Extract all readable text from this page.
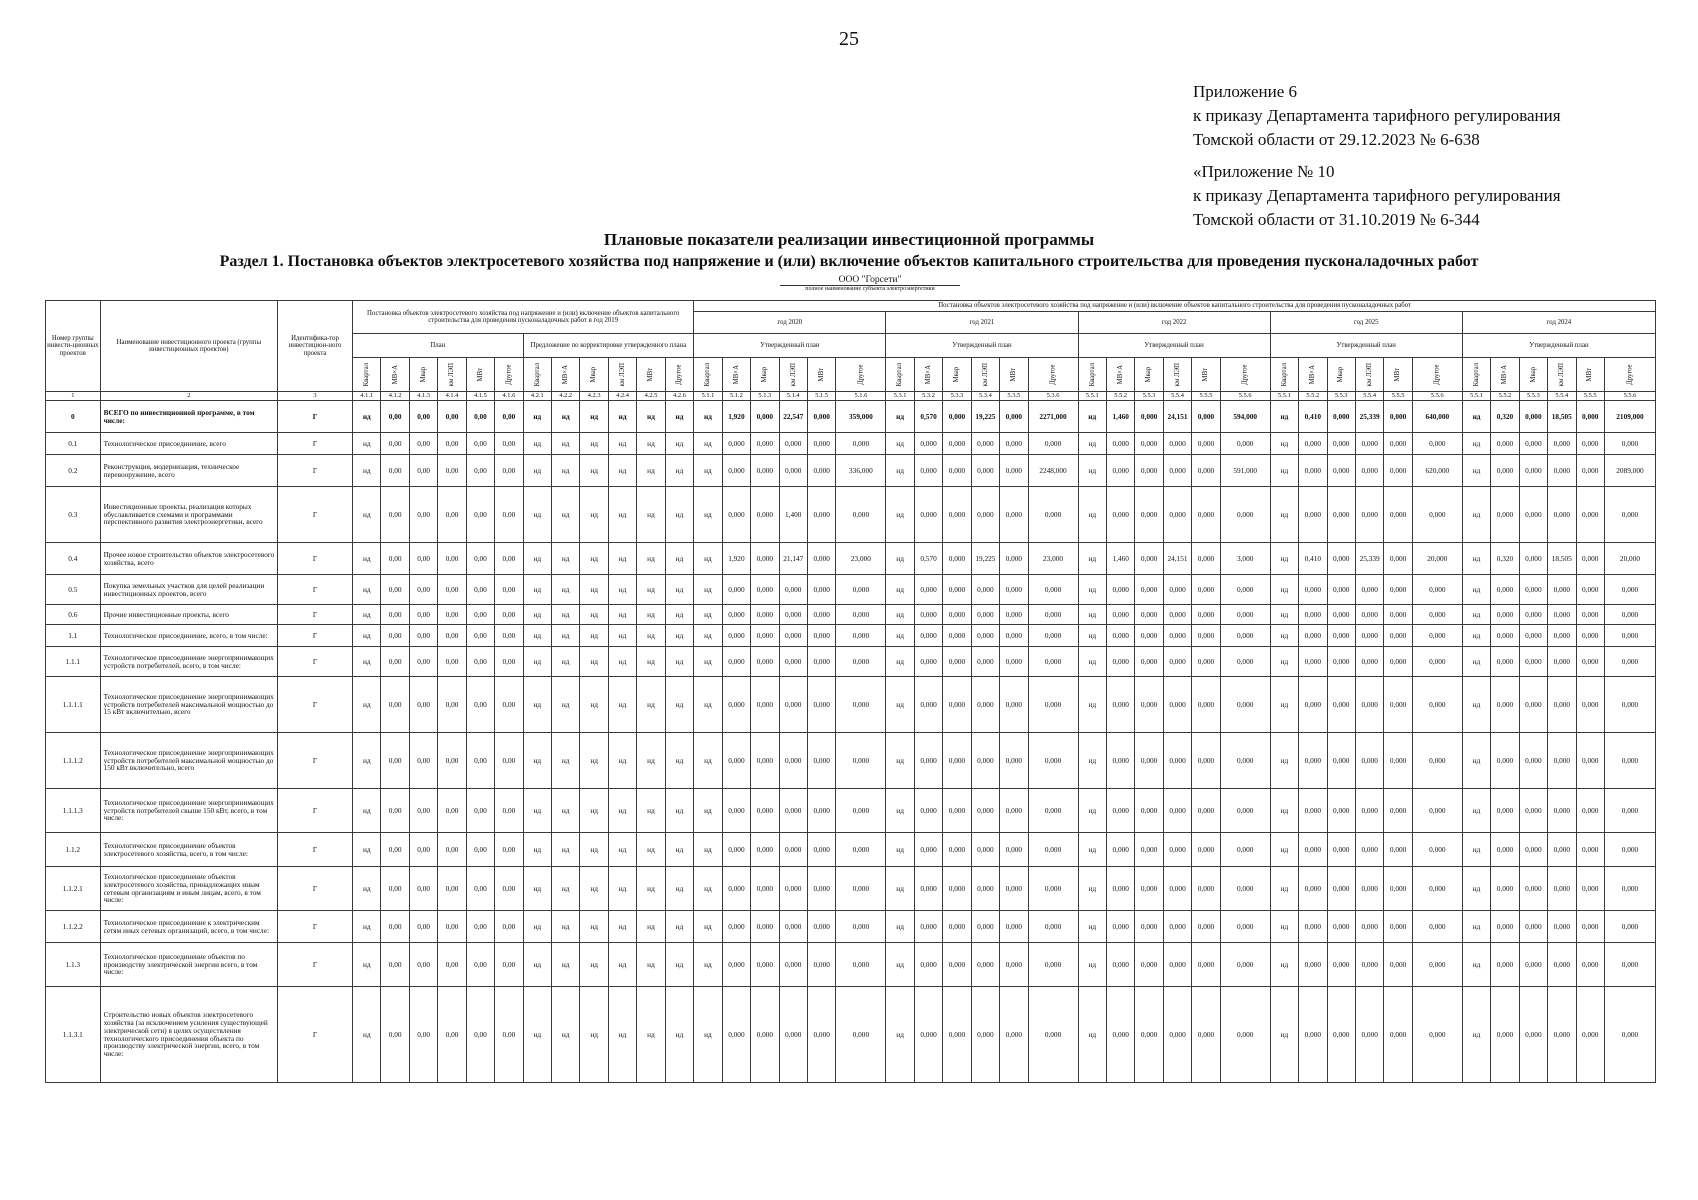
25
Приложение 6
к приказу Департамента тарифного регулирования
Томской области от 29.12.2023 № 6-638
«Приложение № 10
к приказу Департамента тарифного регулирования
Томской области от 31.10.2019 № 6-344
Плановые показатели реализации инвестиционной программы
Раздел 1. Постановка объектов электросетевого хозяйства под напряжение и (или) включение объектов капитального строительства для проведения пусконаладочных работ
ООО "Горсети"
полное наименование субъекта электроэнергетики
Номер группы инвести-ционных проектов	Наименование инвестиционного проекта (группы инвестиционных проектов)	Идентифика-тор инвестицион-ного проекта	Постановка объектов электросетевого хозяйства под напряжение и (или) включение объектов капитального строительства для проведения пусконаладочных работ в год 2019												Постановка объектов электросетевого хозяйства под напряжение и (или) включение объектов капитального строительства для проведения пусконаладочных работ																													
															год 2020						год 2021						год 2022						год 2025						год 2024					
			План						Предложение по корректировке утвержденного плана						Утвержденный план						Утвержденный план						Утвержденный план						Утвержденный план						Утвержденный план					
			Квартал	МВ×А	Мвар	км ЛЭП	МВт	Другое	Квартал	МВ×А	Мвар	км ЛЭП	МВт	Другое	Квартал	МВ×А	Мвар	км ЛЭП	МВт	Другое	Квартал	МВ×А	Мвар	км ЛЭП	МВт	Другое	Квартал	МВ×А	Мвар	км ЛЭП	МВт	Другое	Квартал	МВ×А	Мвар	км ЛЭП	МВт	Другое	Квартал	МВ×А	Мвар	км ЛЭП	МВт	Другое
1	2	3	4.1.1	4.1.2	4.1.3	4.1.4	4.1.5	4.1.6	4.2.1	4.2.2	4.2.3	4.2.4	4.2.5	4.2.6	5.1.1	5.1.2	5.1.3	5.1.4	5.1.5	5.1.6	5.3.1	5.3.2	5.3.3	5.3.4	5.3.5	5.3.6	5.5.1	5.5.2	5.5.3	5.5.4	5.5.5	5.5.6	5.5.1	5.5.2	5.5.3	5.5.4	5.5.5	5.5.6	5.5.1	5.5.2	5.5.3	5.5.4	5.5.5	5.5.6
0	ВСЕГО по инвестиционной программе, в том числе:	Г	нд	0,00	0,00	0,00	0,00	0,00	нд	нд	нд	нд	нд	нд	нд	1,920	0,000	22,547	0,000	359,000	нд	0,570	0,000	19,225	0,000	2271,000	нд	1,460	0,000	24,151	0,000	594,000	нд	0,410	0,000	25,339	0,000	640,000	нд	0,320	0,000	18,505	0,000	2109,000
0.1	Технологическое присоединение, всего	Г	нд	0,00	0,00	0,00	0,00	0,00	нд	нд	нд	нд	нд	нд	нд	0,000	0,000	0,000	0,000	0,000	нд	0,000	0,000	0,000	0,000	0,000	нд	0,000	0,000	0,000	0,000	0,000	нд	0,000	0,000	0,000	0,000	0,000	нд	0,000	0,000	0,000	0,000	0,000
0.2	Реконструкция, модернизация, техническое перевооружение, всего	Г	нд	0,00	0,00	0,00	0,00	0,00	нд	нд	нд	нд	нд	нд	нд	0,000	0,000	0,000	0,000	336,000	нд	0,000	0,000	0,000	0,000	2248,000	нд	0,000	0,000	0,000	0,000	591,000	нд	0,000	0,000	0,000	0,000	620,000	нд	0,000	0,000	0,000	0,000	2089,000
0.3	Инвестиционные проекты, реализация которых обуславливается схемами и программами перспективного развития электроэнергетики, всего	Г	нд	0,00	0,00	0,00	0,00	0,00	нд	нд	нд	нд	нд	нд	нд	0,000	0,000	1,400	0,000	0,000	нд	0,000	0,000	0,000	0,000	0,000	нд	0,000	0,000	0,000	0,000	0,000	нд	0,000	0,000	0,000	0,000	0,000	нд	0,000	0,000	0,000	0,000	0,000
0.4	Прочее новое строительство объектов электросетевого хозяйства, всего	Г	нд	0,00	0,00	0,00	0,00	0,00	нд	нд	нд	нд	нд	нд	нд	1,920	0,000	21,147	0,000	23,000	нд	0,570	0,000	19,225	0,000	23,000	нд	1,460	0,000	24,151	0,000	3,000	нд	0,410	0,000	25,339	0,000	20,000	нд	0,320	0,000	18,505	0,000	20,000
0.5	Покупка земельных участков для целей реализации инвестиционных проектов, всего	Г	нд	0,00	0,00	0,00	0,00	0,00	нд	нд	нд	нд	нд	нд	нд	0,000	0,000	0,000	0,000	0,000	нд	0,000	0,000	0,000	0,000	0,000	нд	0,000	0,000	0,000	0,000	0,000	нд	0,000	0,000	0,000	0,000	0,000	нд	0,000	0,000	0,000	0,000	0,000
0.6	Прочие инвестиционные проекты, всего	Г	нд	0,00	0,00	0,00	0,00	0,00	нд	нд	нд	нд	нд	нд	нд	0,000	0,000	0,000	0,000	0,000	нд	0,000	0,000	0,000	0,000	0,000	нд	0,000	0,000	0,000	0,000	0,000	нд	0,000	0,000	0,000	0,000	0,000	нд	0,000	0,000	0,000	0,000	0,000
1.1	Технологическое присоединение, всего, в том числе:	Г	нд	0,00	0,00	0,00	0,00	0,00	нд	нд	нд	нд	нд	нд	нд	0,000	0,000	0,000	0,000	0,000	нд	0,000	0,000	0,000	0,000	0,000	нд	0,000	0,000	0,000	0,000	0,000	нд	0,000	0,000	0,000	0,000	0,000	нд	0,000	0,000	0,000	0,000	0,000
1.1.1	Технологическое присоединение энергопринимающих устройств потребителей, всего, в том числе:	Г	нд	0,00	0,00	0,00	0,00	0,00	нд	нд	нд	нд	нд	нд	нд	0,000	0,000	0,000	0,000	0,000	нд	0,000	0,000	0,000	0,000	0,000	нд	0,000	0,000	0,000	0,000	0,000	нд	0,000	0,000	0,000	0,000	0,000	нд	0,000	0,000	0,000	0,000	0,000
1.1.1.1	Технологическое присоединение энергопринимающих устройств потребителей максимальной мощностью до 15 кВт включительно, всего	Г	нд	0,00	0,00	0,00	0,00	0,00	нд	нд	нд	нд	нд	нд	нд	0,000	0,000	0,000	0,000	0,000	нд	0,000	0,000	0,000	0,000	0,000	нд	0,000	0,000	0,000	0,000	0,000	нд	0,000	0,000	0,000	0,000	0,000	нд	0,000	0,000	0,000	0,000	0,000
1.1.1.2	Технологическое присоединение энергопринимающих устройств потребителей максимальной мощностью до 150 кВт включительно, всего	Г	нд	0,00	0,00	0,00	0,00	0,00	нд	нд	нд	нд	нд	нд	нд	0,000	0,000	0,000	0,000	0,000	нд	0,000	0,000	0,000	0,000	0,000	нд	0,000	0,000	0,000	0,000	0,000	нд	0,000	0,000	0,000	0,000	0,000	нд	0,000	0,000	0,000	0,000	0,000
1.1.1.3	Технологическое присоединение энергопринимающих устройств потребителей свыше 150 кВт, всего, в том числе:	Г	нд	0,00	0,00	0,00	0,00	0,00	нд	нд	нд	нд	нд	нд	нд	0,000	0,000	0,000	0,000	0,000	нд	0,000	0,000	0,000	0,000	0,000	нд	0,000	0,000	0,000	0,000	0,000	нд	0,000	0,000	0,000	0,000	0,000	нд	0,000	0,000	0,000	0,000	0,000
1.1.2	Технологическое присоединение объектов электросетевого хозяйства, всего, в том числе:	Г	нд	0,00	0,00	0,00	0,00	0,00	нд	нд	нд	нд	нд	нд	нд	0,000	0,000	0,000	0,000	0,000	нд	0,000	0,000	0,000	0,000	0,000	нд	0,000	0,000	0,000	0,000	0,000	нд	0,000	0,000	0,000	0,000	0,000	нд	0,000	0,000	0,000	0,000	0,000
1.1.2.1	Технологическое присоединение объектов электросетевого хозяйства, принадлежащих иным сетевым организациям и иным лицам, всего, в том числе:	Г	нд	0,00	0,00	0,00	0,00	0,00	нд	нд	нд	нд	нд	нд	нд	0,000	0,000	0,000	0,000	0,000	нд	0,000	0,000	0,000	0,000	0,000	нд	0,000	0,000	0,000	0,000	0,000	нд	0,000	0,000	0,000	0,000	0,000	нд	0,000	0,000	0,000	0,000	0,000
1.1.2.2	Технологическое присоединение к электрическим сетям иных сетевых организаций, всего, в том числе:	Г	нд	0,00	0,00	0,00	0,00	0,00	нд	нд	нд	нд	нд	нд	нд	0,000	0,000	0,000	0,000	0,000	нд	0,000	0,000	0,000	0,000	0,000	нд	0,000	0,000	0,000	0,000	0,000	нд	0,000	0,000	0,000	0,000	0,000	нд	0,000	0,000	0,000	0,000	0,000
1.1.3	Технологическое присоединение объектов по производству электрической энергии всего, в том числе:	Г	нд	0,00	0,00	0,00	0,00	0,00	нд	нд	нд	нд	нд	нд	нд	0,000	0,000	0,000	0,000	0,000	нд	0,000	0,000	0,000	0,000	0,000	нд	0,000	0,000	0,000	0,000	0,000	нд	0,000	0,000	0,000	0,000	0,000	нд	0,000	0,000	0,000	0,000	0,000
1.1.3.1	Строительство новых объектов электросетевого хозяйства (за исключением усиления существующей электрической сети) в целях осуществления технологического присоединения объекта по производству электрической энергии, всего, в том числе:	Г	нд	0,00	0,00	0,00	0,00	0,00	нд	нд	нд	нд	нд	нд	нд	0,000	0,000	0,000	0,000	0,000	нд	0,000	0,000	0,000	0,000	0,000	нд	0,000	0,000	0,000	0,000	0,000	нд	0,000	0,000	0,000	0,000	0,000	нд	0,000	0,000	0,000	0,000	0,000
